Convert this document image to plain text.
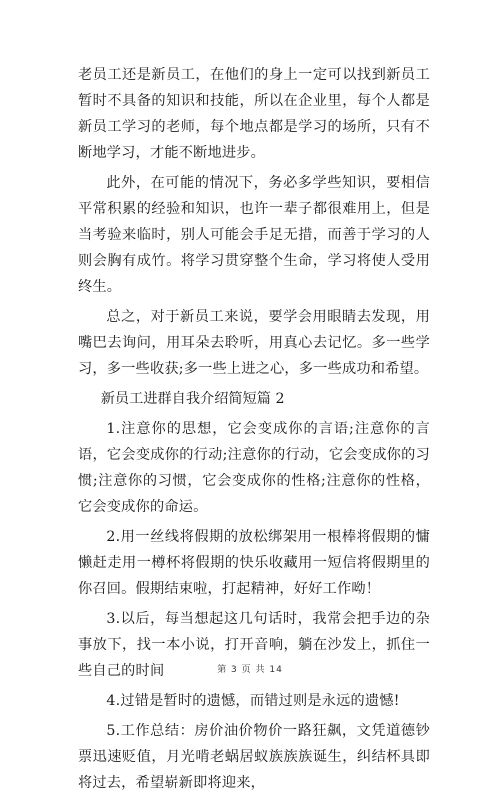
老员工还是新员工，在他们的身上一定可以找到新员工暂时不具备的知识和技能，所以在企业里，每个人都是新员工学习的老师，每个地点都是学习的场所，只有不断地学习，才能不断地进步。

此外，在可能的情况下，务必多学些知识，要相信平常积累的经验和知识，也许一辈子都很难用上，但是当考验来临时，别人可能会手足无措，而善于学习的人则会胸有成竹。将学习贯穿整个生命，学习将使人受用终生。

总之，对于新员工来说，要学会用眼睛去发现，用嘴巴去询问，用耳朵去聆听，用真心去记忆。多一些学习，多一些收获;多一些上进之心，多一些成功和希望。

新员工进群自我介绍简短篇 2

1.注意你的思想，它会变成你的言语;注意你的言语，它会变成你的行动;注意你的行动，它会变成你的习惯;注意你的习惯，它会变成你的性格;注意你的性格，它会变成你的命运。

2.用一丝线将假期的放松绑架用一根棒将假期的慵懒赶走用一樽杯将假期的快乐收藏用一短信将假期里的你召回。假期结束啦，打起精神，好好工作呦！

3.以后，每当想起这几句话时，我常会把手边的杂事放下，找一本小说，打开音响，躺在沙发上，抓住一些自己的时间

4.过错是暂时的遗憾，而错过则是永远的遗憾!

5.工作总结：房价油价物价一路狂飙，文凭道德钞票迅速贬值，月光啃老蜗居蚁族族族诞生，纠结杯具即将过去，希望崭新即将迎来，

第 3 页 共 14
